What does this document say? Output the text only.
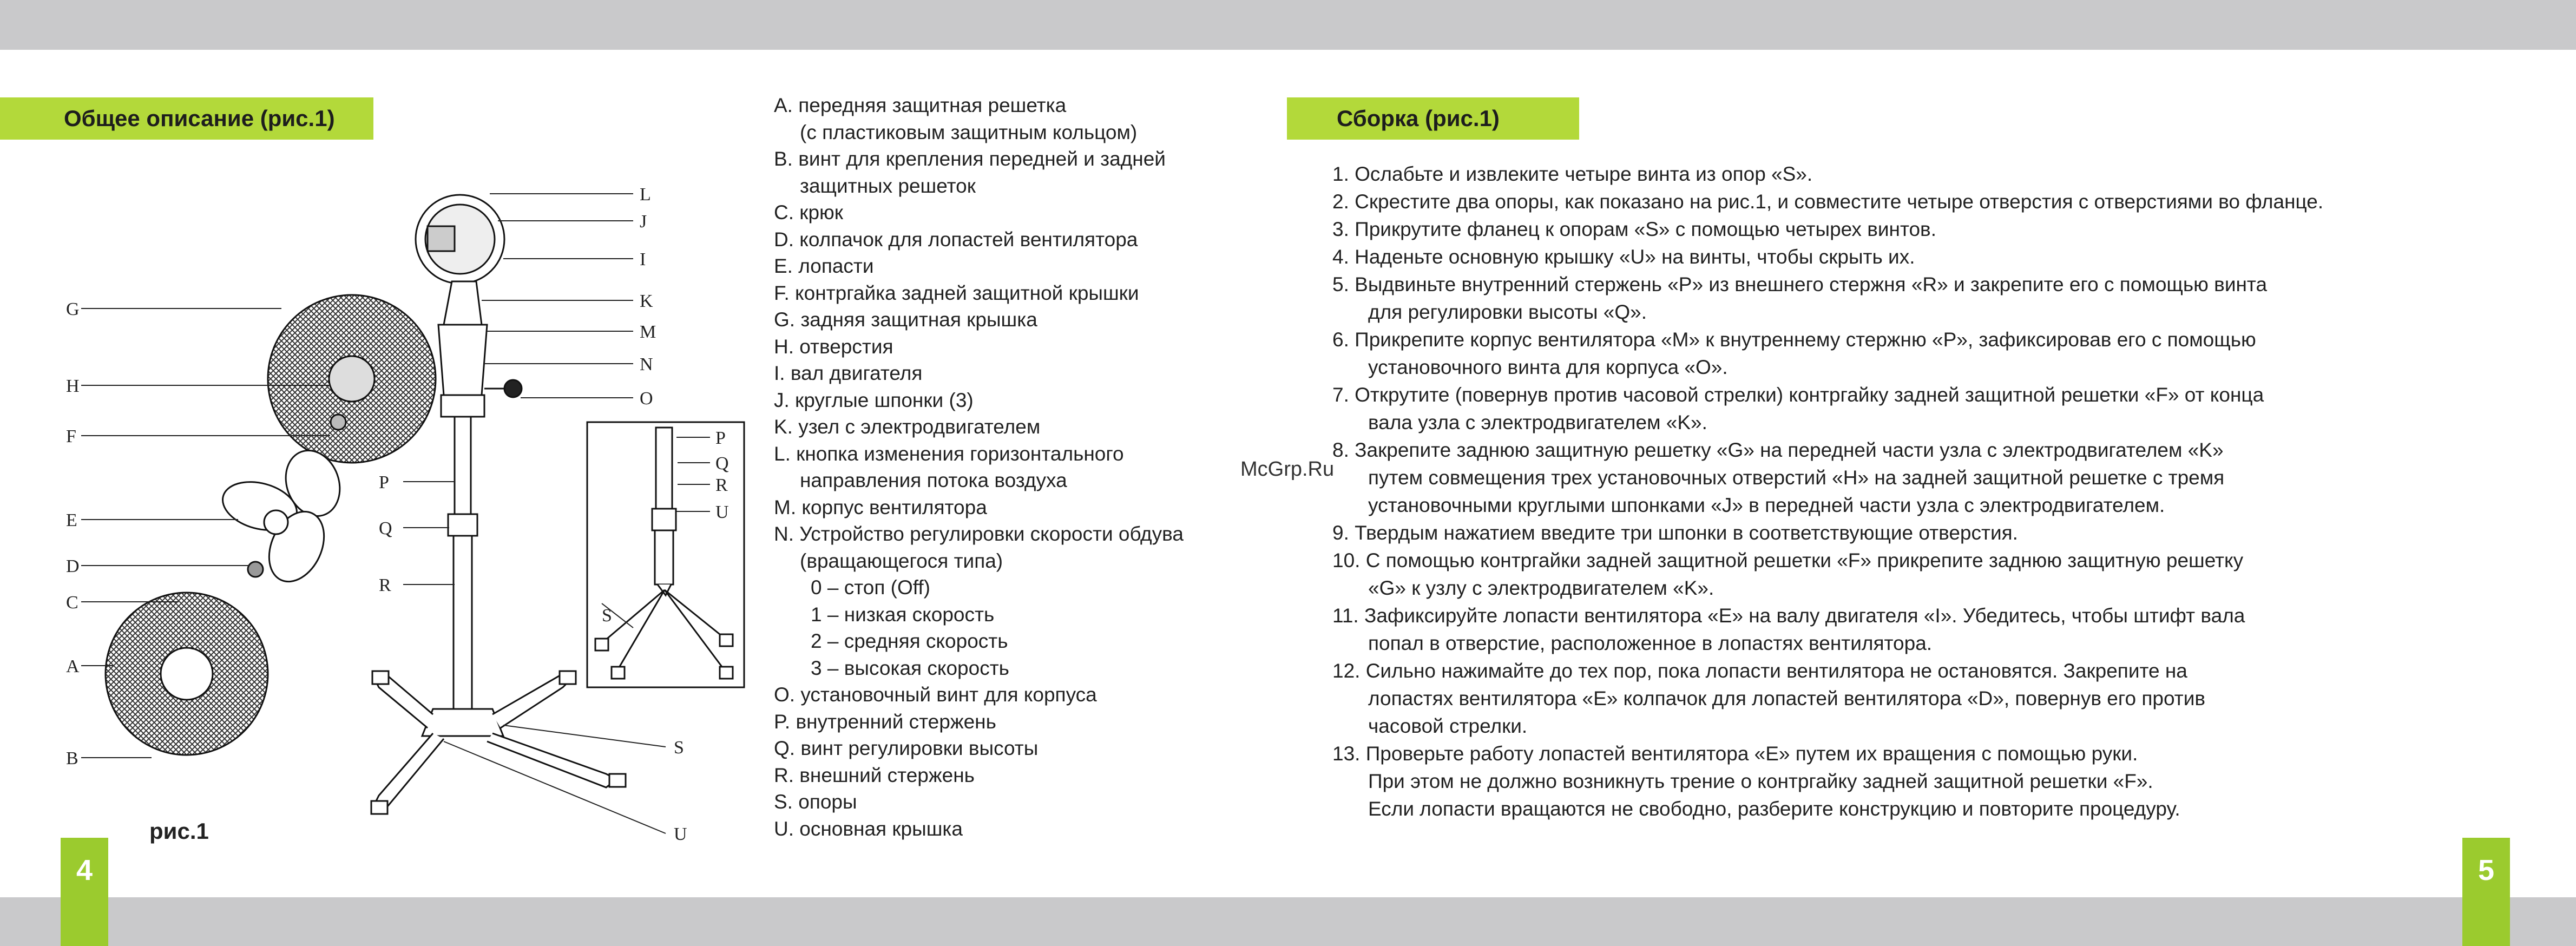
Общее описание (рис.1)
L
J
I
K
M
N
O
G
H
F
E
D
C
A
B
P
Q
R
S
U
P
Q
R
U
S
рис.1
A. передняя защитная решетка
(с пластиковым защитным кольцом)
B. винт для крепления передней и задней
защитных решеток
C. крюк
D. колпачок для лопастей вентилятора
E. лопасти
F. контргайка задней защитной крышки
G. задняя защитная крышка
H. отверстия
I. вал двигателя
J. круглые шпонки (3)
K. узел с электродвигателем
L. кнопка изменения горизонтального
направления потока воздуха
M. корпус вентилятора
N. Устройство регулировки скорости обдува
(вращающегося типа)
0 – стоп (Off)
1 – низкая скорость
2 – средняя скорость
3 – высокая скорость
O. установочный винт для корпуса
P. внутренний стержень
Q. винт регулировки высоты
R. внешний стержень
S. опоры
U. основная крышка
4
Сборка (рис.1)
McGrp.Ru
1. Ослабьте и извлеките четыре винта из опор «S».
2. Скрестите два опоры, как показано на рис.1, и совместите четыре отверстия с отверстиями во фланце.
3. Прикрутите фланец к опорам «S» с помощью четырех винтов.
4. Наденьте основную крышку «U» на винты, чтобы скрыть их.
5. Выдвиньте внутренний стержень «P» из внешнего стержня «R» и закрепите его с помощью винта
для регулировки высоты «Q».
6. Прикрепите корпус вентилятора «M» к внутреннему стержню «P», зафиксировав его с помощью
установочного винта для корпуса «O».
7. Открутите (повернув против часовой стрелки) контргайку задней защитной решетки «F» от конца
вала узла с электродвигателем «K».
8. Закрепите заднюю защитную решетку «G» на передней части узла с электродвигателем «K»
путем совмещения трех установочных отверстий «H» на задней защитной решетке с тремя
установочными круглыми шпонками «J» в передней части узла с электродвигателем.
9. Твердым нажатием введите три шпонки в соответствующие отверстия.
10. С помощью контргайки задней защитной решетки «F» прикрепите заднюю защитную решетку
«G» к узлу с электродвигателем «K».
11. Зафиксируйте лопасти вентилятора «E» на валу двигателя «I». Убедитесь, чтобы штифт вала
попал в отверстие, расположенное в лопастях вентилятора.
12. Сильно нажимайте до тех пор, пока лопасти вентилятора не остановятся. Закрепите на
лопастях вентилятора «E» колпачок для лопастей вентилятора «D», повернув его против
часовой стрелки.
13. Проверьте работу лопастей вентилятора «E» путем их вращения с помощью руки.
При этом не должно возникнуть трение о контргайку задней защитной решетки «F».
Если лопасти вращаются не свободно, разберите конструкцию и повторите процедуру.
5
